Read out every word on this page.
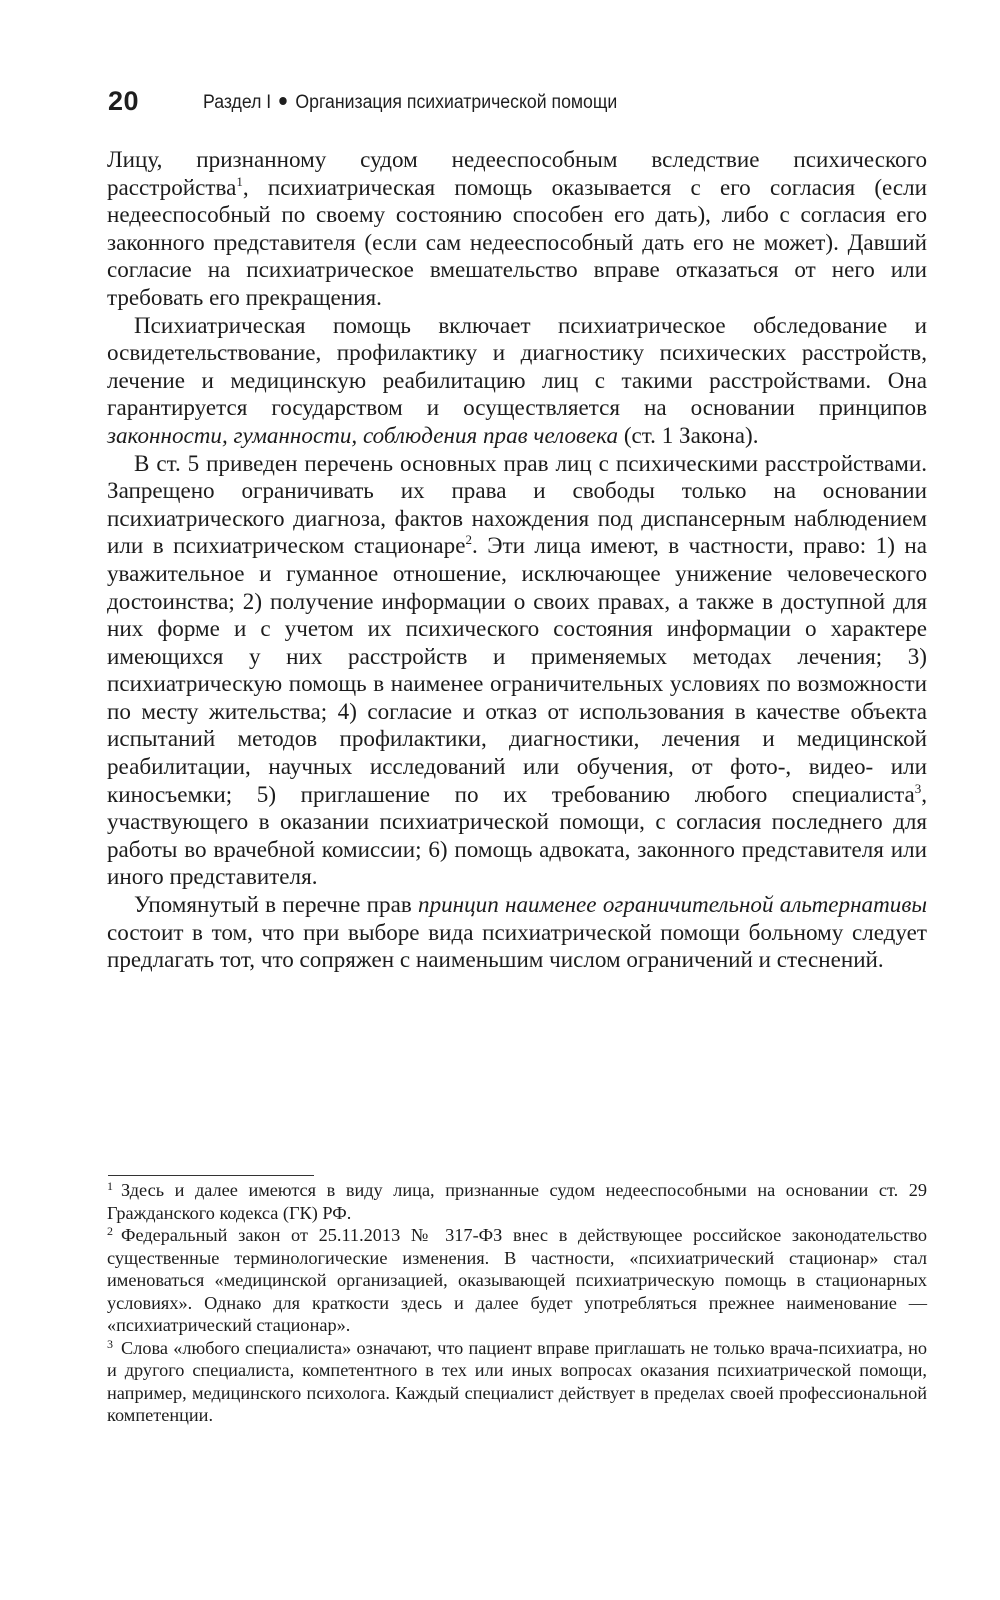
20	Раздел I Организация психиатрической помощи

Лицу, признанному судом недееспособным вследствие психического расстройства$^1$, психиатрическая помощь оказывается с его согласия (если недееспособный по своему состоянию способен его дать), либо с согласия его законного представителя (если сам недееспособный дать его не может). Давший согласие на психиатрическое вмешательство вправе отказаться от него или требовать его прекращения.

Психиатрическая помощь включает психиатрическое обследование и освидетельствование, профилактику и диагностику психических расстройств, лечение и медицинскую реабилитацию лиц с такими расстройствами. Она гарантируется государством и осуществляется на основании принципов законности, гуманности, соблюдения прав человека (ст. 1 Закона).

В ст. 5 приведен перечень основных прав лиц с психическими расстройствами. Запрещено ограничивать их права и свободы только на основании психиатрического диагноза, фактов нахождения под диспансерным наблюдением или в психиатрическом стационаре$^2$. Эти лица имеют, в частности, право: 1) на уважительное и гуманное отношение, исключающее унижение человеческого достоинства; 2) получение информации о своих правах, а также в доступной для них форме и с учетом их психического состояния информации о характере имеющихся у них расстройств и применяемых методах лечения; 3) психиатрическую помощь в наименее ограничительных условиях по возможности по месту жительства; 4) согласие и отказ от использования в качестве объекта испытаний методов профилактики, диагностики, лечения и медицинской реабилитации, научных исследований или обучения, от фото-, видео- или киносъемки; 5) приглашение по их требованию любого специалиста$^3$, участвующего в оказании психиатрической помощи, с согласия последнего для работы во врачебной комиссии; 6) помощь адвоката, законного представителя или иного представителя.

Упомянутый в перечне прав принцип наименее ограничительной альтернативы состоит в том, что при выборе вида психиатрической помощи больному следует предлагать тот, что сопряжен с наименьшим числом ограничений и стеснений.

$^1$ Здесь и далее имеются в виду лица, признанные судом недееспособными на основании ст. 29 Гражданского кодекса (ГК) РФ.

$^2$ Федеральный закон от 25.11.2013 № 317-ФЗ внес в действующее российское законодательство существенные терминологические изменения. В частности, «психиатрический стационар» стал именоваться «медицинской организацией, оказывающей психиатрическую помощь в стационарных условиях». Однако для краткости здесь и далее будет употребляться прежнее наименование — «психиатрический стационар».

$^3$ Слова «любого специалиста» означают, что пациент вправе приглашать не только врача-психиатра, но и другого специалиста, компетентного в тех или иных вопросах оказания психиатрической помощи, например, медицинского психолога. Каждый специалист действует в пределах своей профессиональной компетенции.
